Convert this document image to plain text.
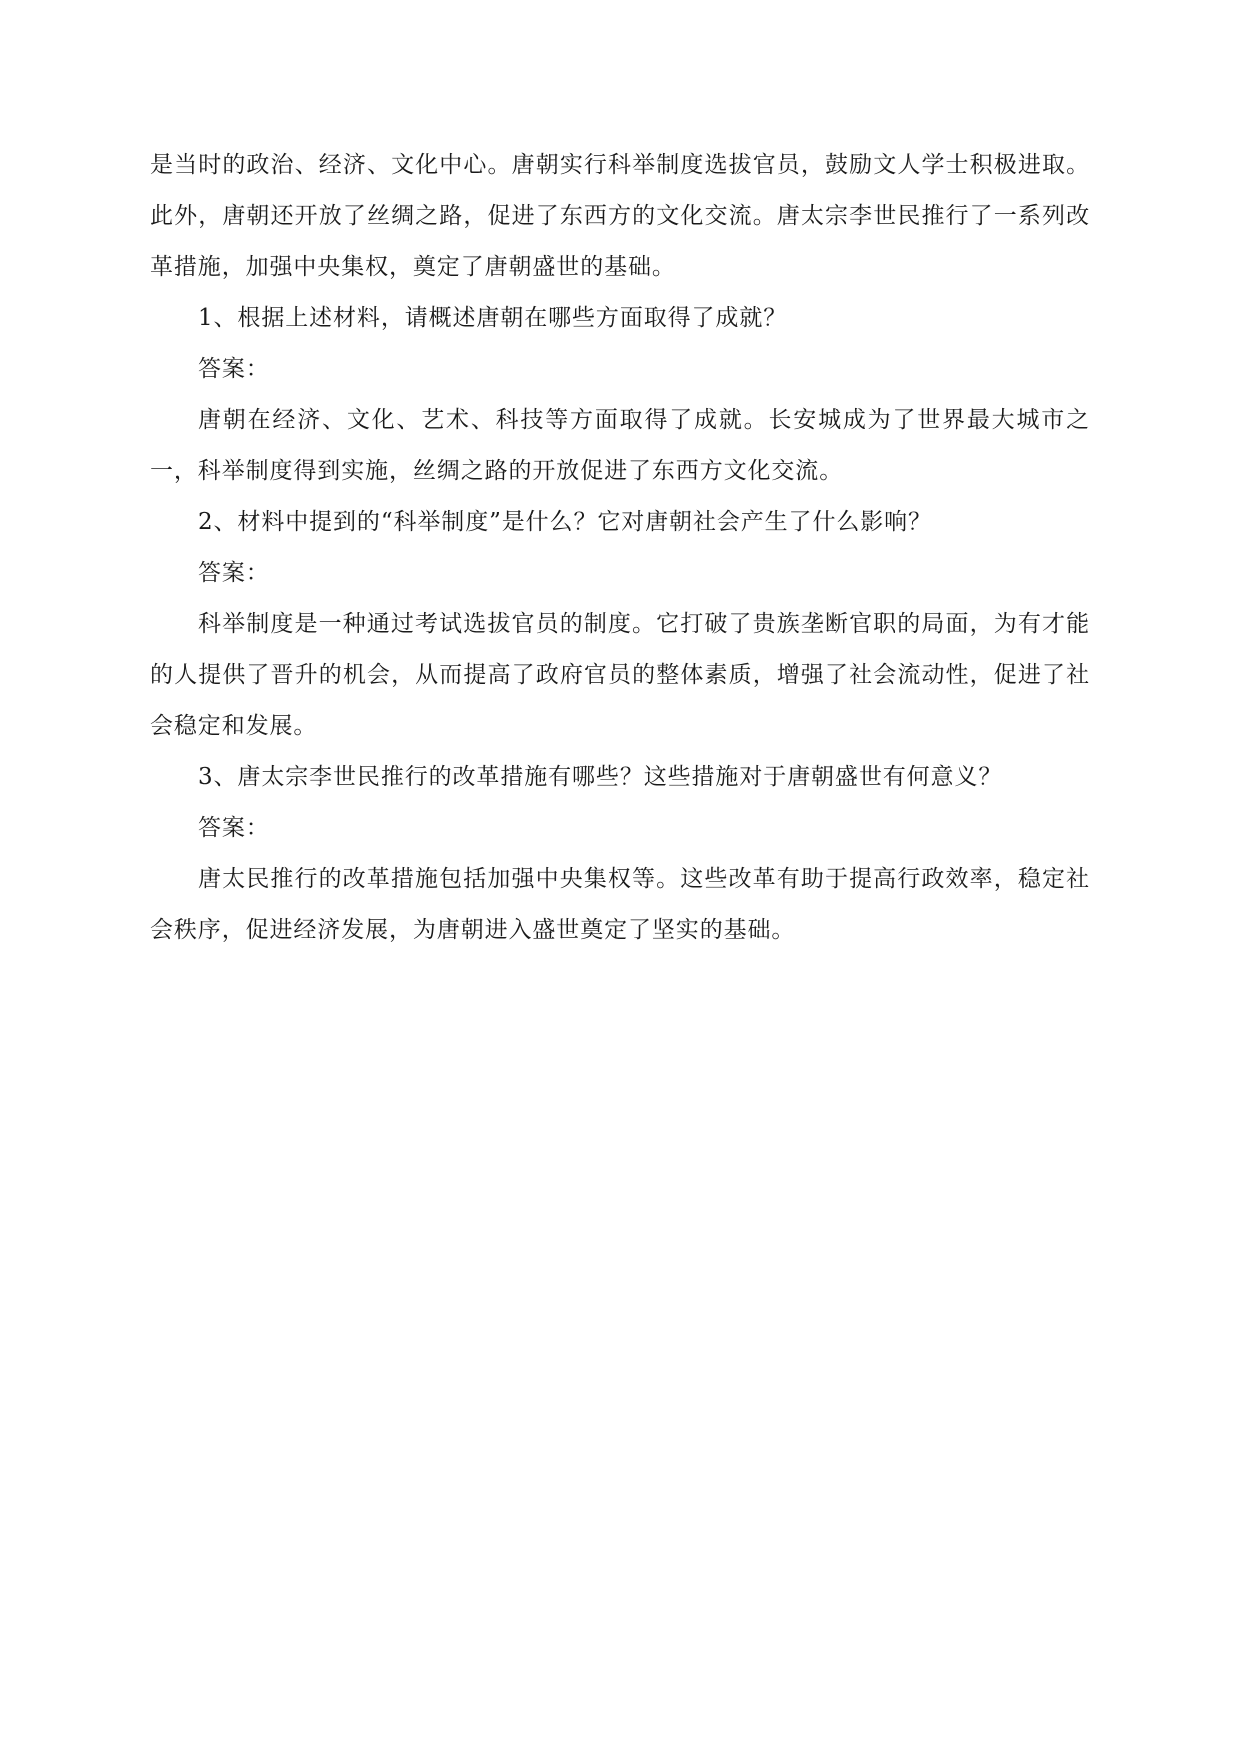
是当时的政治、经济、文化中心。唐朝实行科举制度选拔官员，鼓励文人学士积极进取。此外，唐朝还开放了丝绸之路，促进了东西方的文化交流。唐太宗李世民推行了一系列改革措施，加强中央集权，奠定了唐朝盛世的基础。

1、根据上述材料，请概述唐朝在哪些方面取得了成就？

答案：

唐朝在经济、文化、艺术、科技等方面取得了成就。长安城成为了世界最大城市之一，科举制度得到实施，丝绸之路的开放促进了东西方文化交流。

2、材料中提到的“科举制度”是什么？它对唐朝社会产生了什么影响？

答案：

科举制度是一种通过考试选拔官员的制度。它打破了贵族垄断官职的局面，为有才能的人提供了晋升的机会，从而提高了政府官员的整体素质，增强了社会流动性，促进了社会稳定和发展。

3、唐太宗李世民推行的改革措施有哪些？这些措施对于唐朝盛世有何意义？

答案：

唐太民推行的改革措施包括加强中央集权等。这些改革有助于提高行政效率，稳定社会秩序，促进经济发展，为唐朝进入盛世奠定了坚实的基础。
